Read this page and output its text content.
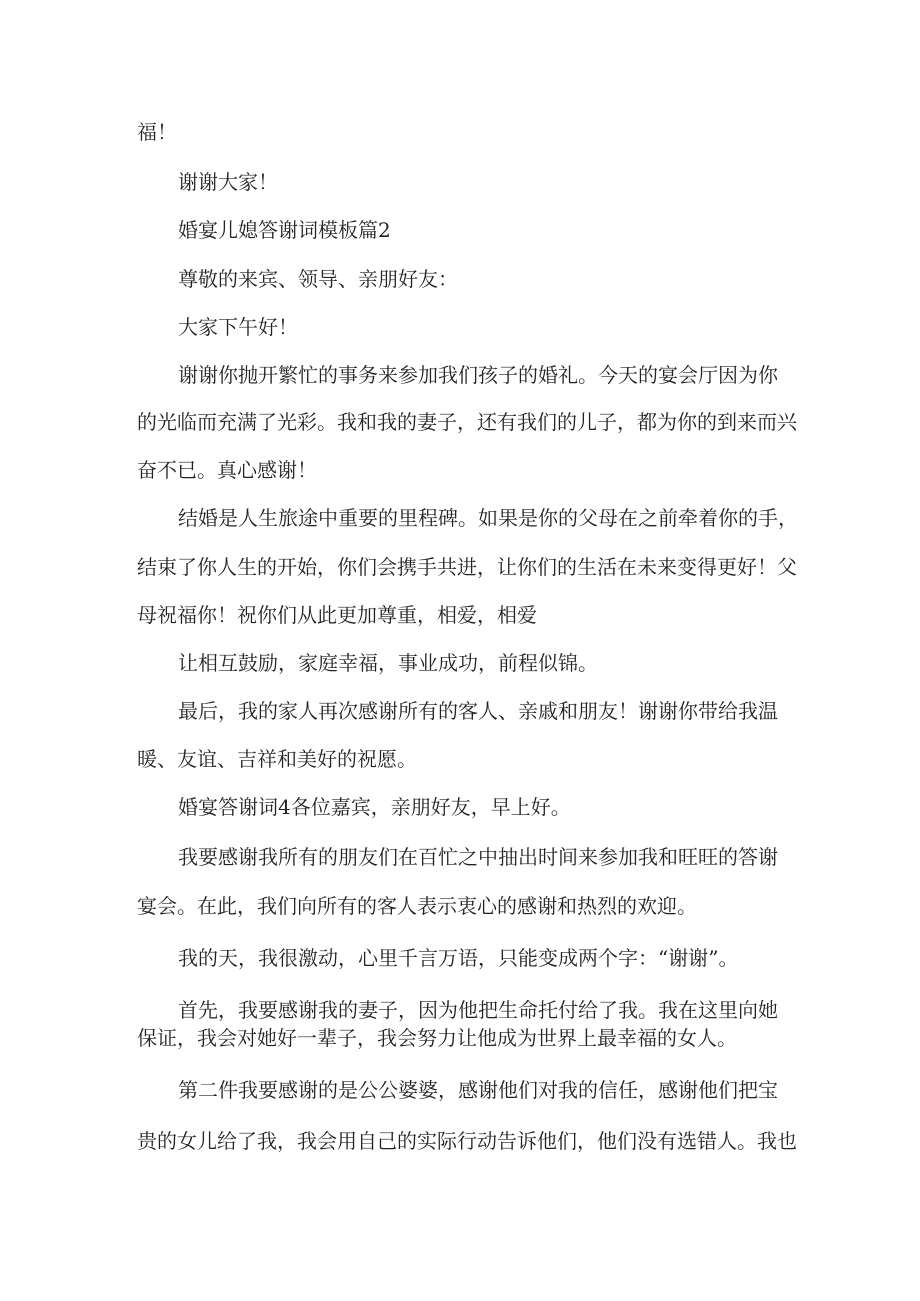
福！
谢谢大家！
婚宴儿媳答谢词模板篇2
尊敬的来宾、领导、亲朋好友：
大家下午好！
谢谢你抛开繁忙的事务来参加我们孩子的婚礼。今天的宴会厅因为你
的光临而充满了光彩。我和我的妻子，还有我们的儿子，都为你的到来而兴
奋不已。真心感谢！
结婚是人生旅途中重要的里程碑。如果是你的父母在之前牵着你的手，
结束了你人生的开始，你们会携手共进，让你们的生活在未来变得更好！父
母祝福你！祝你们从此更加尊重，相爱，相爱
让相互鼓励，家庭幸福，事业成功，前程似锦。
最后，我的家人再次感谢所有的客人、亲戚和朋友！谢谢你带给我温
暖、友谊、吉祥和美好的祝愿。
婚宴答谢词4各位嘉宾，亲朋好友，早上好。
我要感谢我所有的朋友们在百忙之中抽出时间来参加我和旺旺的答谢
宴会。在此，我们向所有的客人表示衷心的感谢和热烈的欢迎。
我的天，我很激动，心里千言万语，只能变成两个字：“谢谢”。
首先，我要感谢我的妻子，因为他把生命托付给了我。我在这里向她
保证，我会对她好一辈子，我会努力让他成为世界上最幸福的女人。
第二件我要感谢的是公公婆婆，感谢他们对我的信任，感谢他们把宝
贵的女儿给了我，我会用自己的实际行动告诉他们，他们没有选错人。我也
